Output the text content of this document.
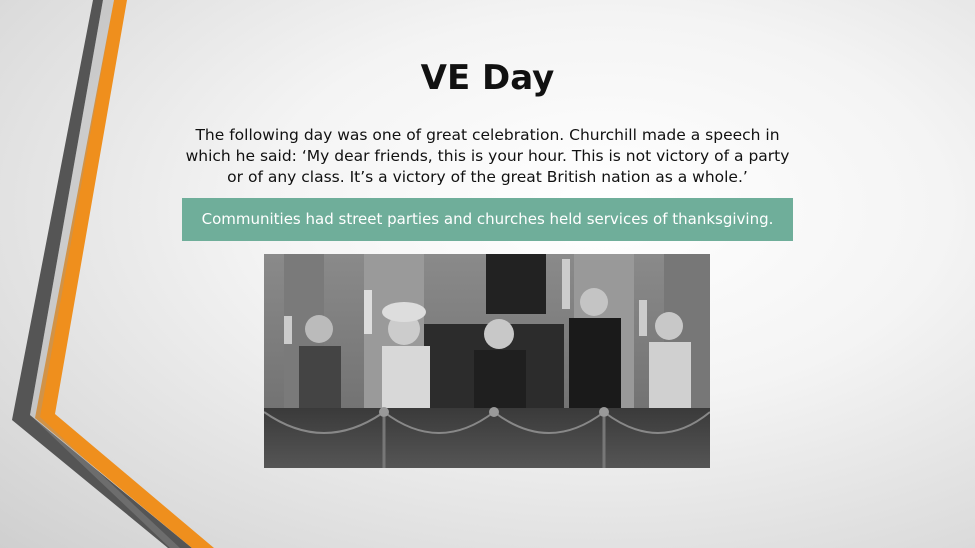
VE Day
The following day was one of great celebration. Churchill made a speech in which he said: ‘My dear friends, this is your hour. This is not victory of a party or of any class. It’s a victory of the great British nation as a whole.’
Communities had street parties and churches held services of thanksgiving.
